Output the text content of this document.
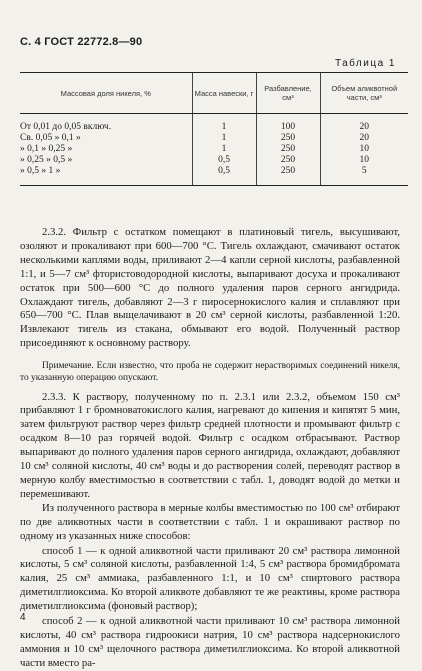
С. 4 ГОСТ 22772.8—90
Таблица 1
Массовая доля никеля, %	Масса навески, г	Разбавление, см³	Объем аликвотной части, см³
От 0,01 до 0,05 включ.	1	100	20
Св. 0,05 » 0,1 »	1	250	20
» 0,1 » 0,25 »	1	250	10
» 0,25 » 0,5 »	0,5	250	10
» 0,5 » 1 »	0,5	250	5

2.3.2. Фильтр с остатком помещают в платиновый тигель, высушивают, озоляют и прокаливают при 600—700 °С. Тигель охлаждают, смачивают остаток несколькими каплями воды, приливают 2—4 капли серной кислоты, разбавленной 1:1, и 5—7 см³ фтористоводородной кислоты, выпаривают досуха и прокаливают остаток при 500—600 °С до полного удаления паров серного ангидрида. Охлаждают тигель, добавляют 2—3 г пиросернокислого калия и сплавляют при 650—700 °С. Плав выщелачивают в 20 см³ серной кислоты, разбавленной 1:20. Извлекают тигель из стакана, обмывают его водой. Полученный раствор присоединяют к основному раствору.

Примечание. Если известно, что проба не содержит нерастворимых соединений никеля, то указанную операцию опускают.

2.3.3. К раствору, полученному по п. 2.3.1 или 2.3.2, объемом 150 см³ прибавляют 1 г бромноватокислого калия, нагревают до кипения и кипятят 5 мин, затем фильтруют раствор через фильтр средней плотности и промывают фильтр с осадком 8—10 раз горячей водой. Фильтр с осадком отбрасывают. Раствор выпаривают до полного удаления паров серного ангидрида, охлаждают, добавляют 10 см³ соляной кислоты, 40 см³ воды и до растворения солей, переводят раствор в мерную колбу вместимостью в соответствии с табл. 1, доводят водой до метки и перемешивают.

Из полученного раствора в мерные колбы вместимостью по 100 см³ отбирают по две аликвотных части в соответствии с табл. 1 и окрашивают раствор по одному из указанных ниже способов:

способ 1 — к одной аликвотной части приливают 20 см³ раствора лимонной кислоты, 5 см³ соляной кислоты, разбавленной 1:4, 5 см³ раствора бромидброматa калия, 25 см³ аммиака, разбавленного 1:1, и 10 см³ спиртового раствора диметилглиоксима. Ко второй аликвоте добавляют те же реактивы, кроме раствора диметилглиоксима (фоновый раствор);

способ 2 — к одной аликвотной части приливают 10 см³ раствора лимонной кислоты, 40 см³ раствора гидроокиси натрия, 10 см³ раствора надсернокислого аммония и 10 см³ щелочного раствора диметилглиоксима. Ко второй аликвотной части вместо ра-

4
